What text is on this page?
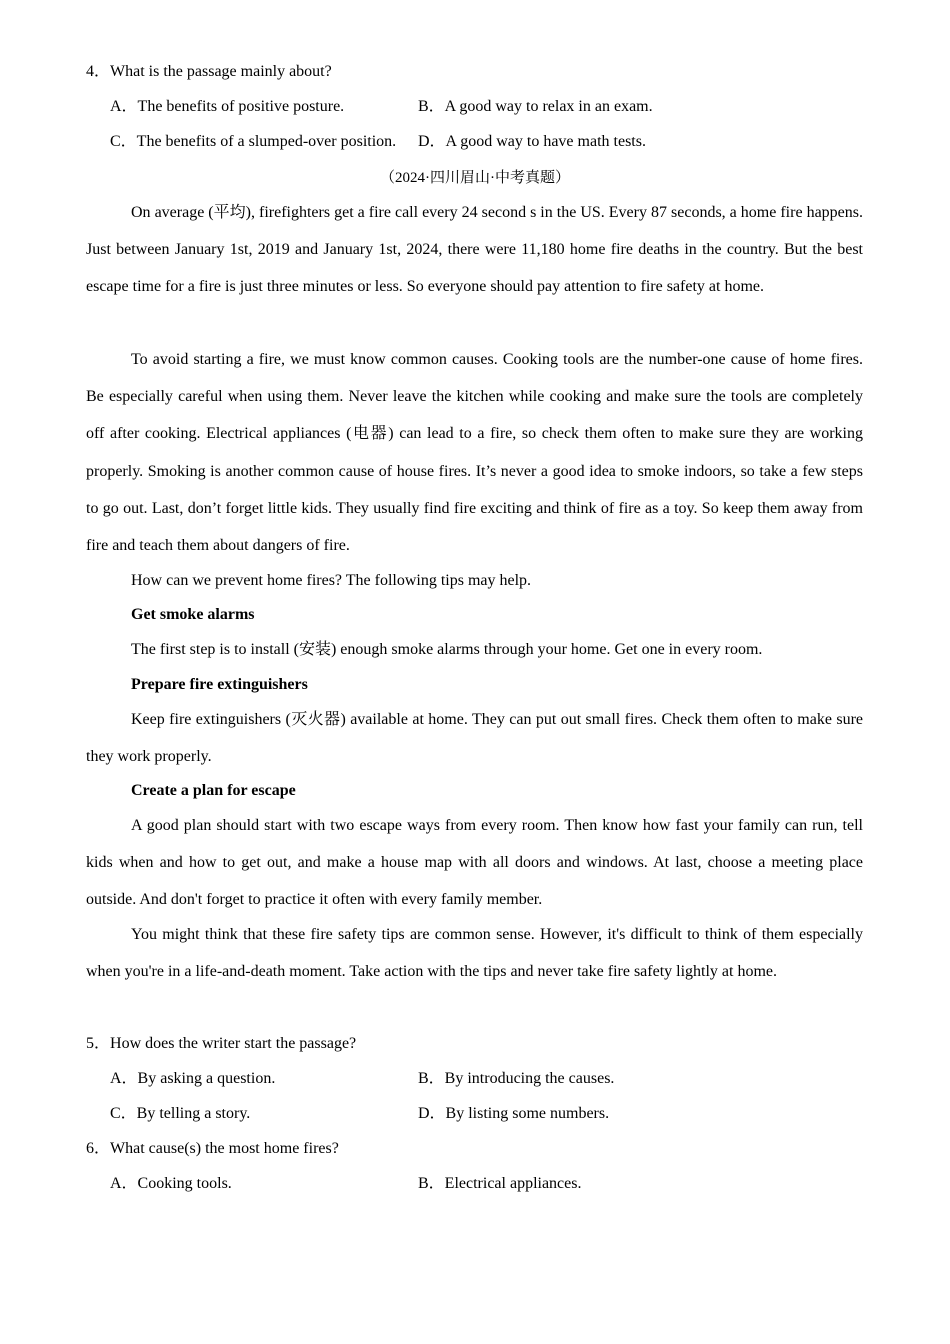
4．What is the passage mainly about?
A．The benefits of positive posture.	B．A good way to relax in an exam.
C．The benefits of a slumped-over position. D．A good way to have math tests.
（2024·四川眉山·中考真题）
On average (平均), firefighters get a fire call every 24 second s in the US. Every 87 seconds, a home fire happens. Just between January 1st, 2019 and January 1st, 2024, there were 11,180 home fire deaths in the country. But the best escape time for a fire is just three minutes or less. So everyone should pay attention to fire safety at home.
To avoid starting a fire, we must know common causes. Cooking tools are the number-one cause of home fires. Be especially careful when using them. Never leave the kitchen while cooking and make sure the tools are completely off after cooking. Electrical appliances (电器) can lead to a fire, so check them often to make sure they are working properly. Smoking is another common cause of house fires. It’s never a good idea to smoke indoors, so take a few steps to go out. Last, don’t forget little kids. They usually find fire exciting and think of fire as a toy. So keep them away from fire and teach them about dangers of fire.
How can we prevent home fires? The following tips may help.
Get smoke alarms
The first step is to install (安装) enough smoke alarms through your home. Get one in every room.
Prepare fire extinguishers
Keep fire extinguishers (灭火器) available at home. They can put out small fires. Check them often to make sure they work properly.
Create a plan for escape
A good plan should start with two escape ways from every room. Then know how fast your family can run, tell kids when and how to get out, and make a house map with all doors and windows. At last, choose a meeting place outside. And don't forget to practice it often with every family member.
You might think that these fire safety tips are common sense. However, it's difficult to think of them especially when you're in a life-and-death moment. Take action with the tips and never take fire safety lightly at home.
5．How does the writer start the passage?
A．By asking a question.	B．By introducing the causes.
C．By telling a story.	D．By listing some numbers.
6．What cause(s) the most home fires?
A．Cooking tools.	B．Electrical appliances.
